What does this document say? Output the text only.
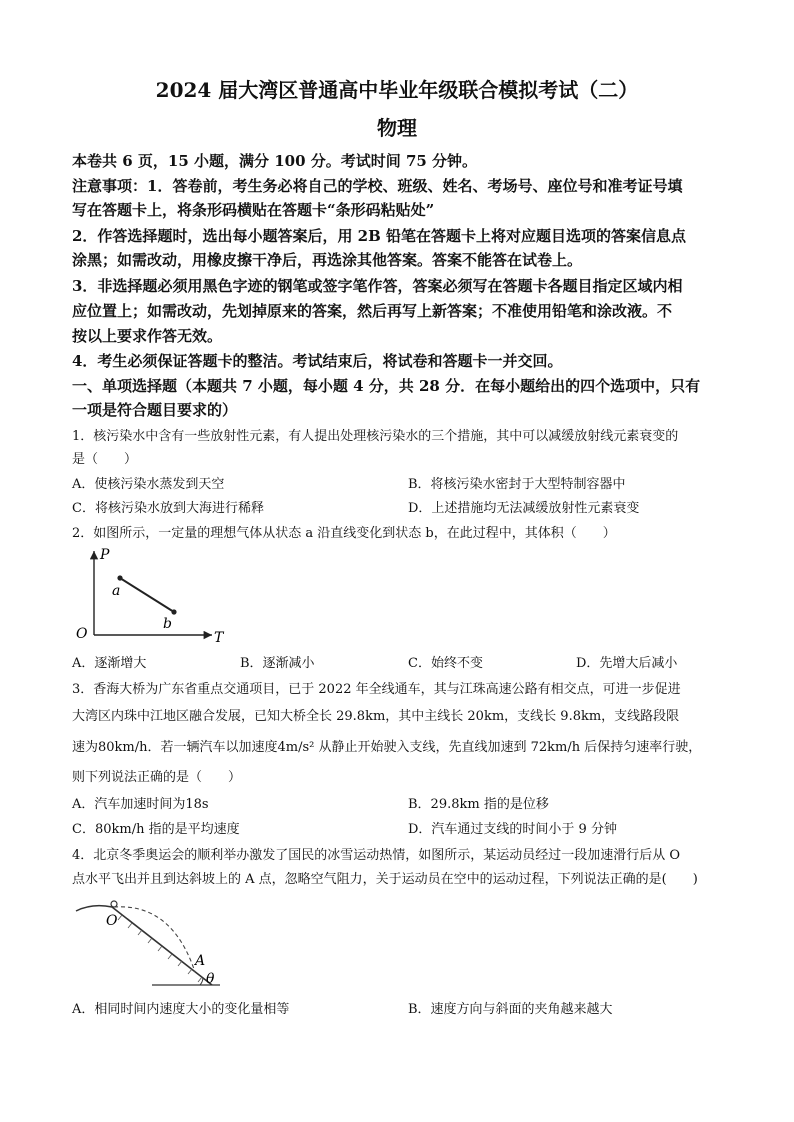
2024 届大湾区普通高中毕业年级联合模拟考试（二）
物理
本卷共 6 页，15 小题，满分 100 分。考试时间 75 分钟。
注意事项：1．答卷前，考生务必将自己的学校、班级、姓名、考场号、座位号和准考证号填
写在答题卡上，将条形码横贴在答题卡“条形码粘贴处”
2．作答选择题时，选出每小题答案后，用 2B 铅笔在答题卡上将对应题目选项的答案信息点
涂黑；如需改动，用橡皮擦干净后，再选涂其他答案。答案不能答在试卷上。
3．非选择题必须用黑色字迹的钢笔或签字笔作答，答案必须写在答题卡各题目指定区域内相
应位置上；如需改动，先划掉原来的答案，然后再写上新答案；不准使用铅笔和涂改液。不
按以上要求作答无效。
4．考生必须保证答题卡的整洁。考试结束后，将试卷和答题卡一并交回。
一、单项选择题（本题共 7 小题，每小题 4 分，共 28 分．在每小题给出的四个选项中，只有
一项是符合题目要求的）
1．核污染水中含有一些放射性元素，有人提出处理核污染水的三个措施，其中可以减缓放射线元素衰变的
是（　　）
A．使核污染水蒸发到天空	B．将核污染水密封于大型特制容器中
C．将核污染水放到大海进行稀释	D．上述措施均无法减缓放射性元素衰变
2．如图所示，一定量的理想气体从状态 a 沿直线变化到状态 b，在此过程中，其体积（　　）
P
T
O
a
b
A．逐渐增大	B．逐渐减小	C．始终不变	D．先增大后减小
3．香海大桥为广东省重点交通项目，已于 2022 年全线通车，其与江珠高速公路有相交点，可进一步促进
大湾区内珠中江地区融合发展，已知大桥全长 29.8km，其中主线长 20km，支线长 9.8km，支线路段限
速为80km/h．若一辆汽车以加速度4m/s² 从静止开始驶入支线，先直线加速到 72km/h 后保持匀速率行驶，
则下列说法正确的是（　　）
A．汽车加速时间为18s	B．29.8km 指的是位移
C．80km/h 指的是平均速度	D．汽车通过支线的时间小于 9 分钟
4．北京冬季奥运会的顺利举办激发了国民的冰雪运动热情，如图所示，某运动员经过一段加速滑行后从 O
点水平飞出并且到达斜坡上的 A 点，忽略空气阻力，关于运动员在空中的运动过程，下列说法正确的是(　　)
O
A
θ
A．相同时间内速度大小的变化量相等	B．速度方向与斜面的夹角越来越大
